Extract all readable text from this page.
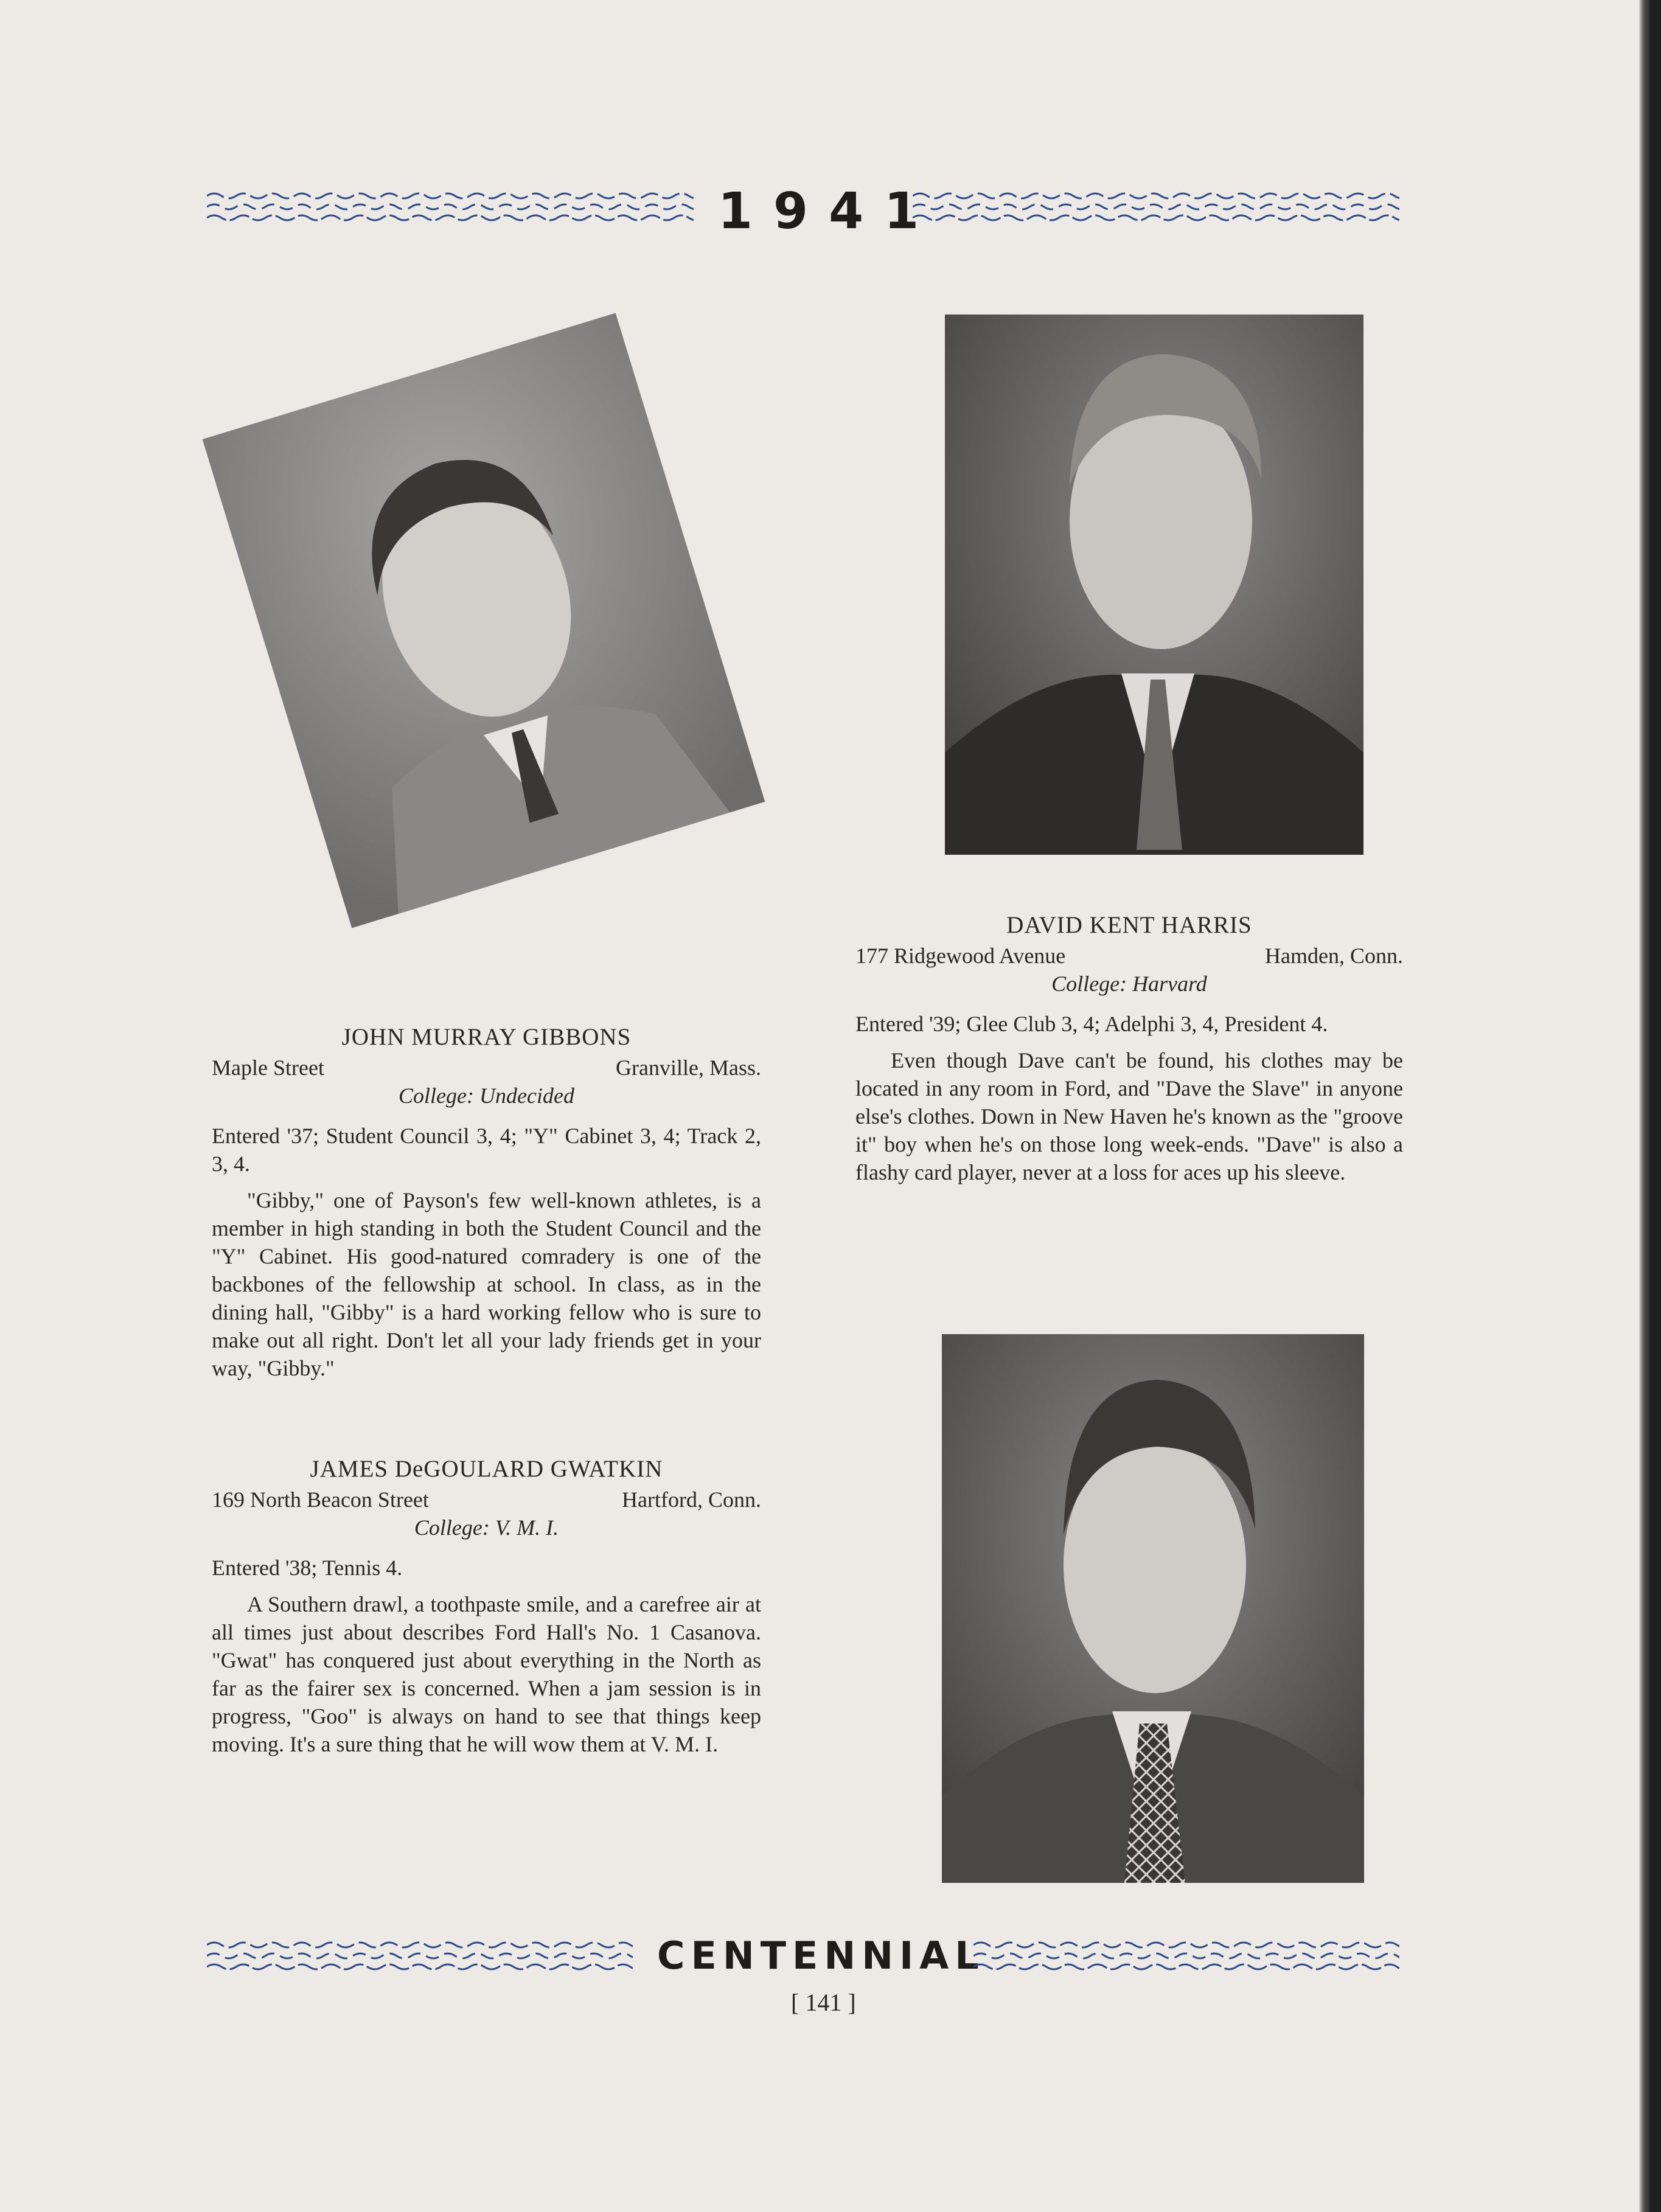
1941
JOHN MURRAY GIBBONS
Maple Street	Granville, Mass.
College: Undecided

Entered '37; Student Council 3, 4; "Y" Cabinet 3, 4; Track 2, 3, 4.

"Gibby," one of Payson's few well-known athletes, is a member in high standing in both the Student Council and the "Y" Cabinet. His good-natured comradery is one of the backbones of the fellowship at school. In class, as in the dining hall, "Gibby" is a hard working fellow who is sure to make out all right. Don't let all your lady friends get in your way, "Gibby."

DAVID KENT HARRIS
177 Ridgewood Avenue	Hamden, Conn.
College: Harvard

Entered '39; Glee Club 3, 4; Adelphi 3, 4, President 4.

Even though Dave can't be found, his clothes may be located in any room in Ford, and "Dave the Slave" in anyone else's clothes. Down in New Haven he's known as the "groove it" boy when he's on those long week-ends. "Dave" is also a flashy card player, never at a loss for aces up his sleeve.

JAMES DeGOULARD GWATKIN
169 North Beacon Street	Hartford, Conn.
College: V. M. I.

Entered '38; Tennis 4.

A Southern drawl, a toothpaste smile, and a carefree air at all times just about describes Ford Hall's No. 1 Casanova. "Gwat" has conquered just about everything in the North as far as the fairer sex is concerned. When a jam session is in progress, "Goo" is always on hand to see that things keep moving. It's a sure thing that he will wow them at V. M. I.

CENTENNIAL
[ 141 ]
